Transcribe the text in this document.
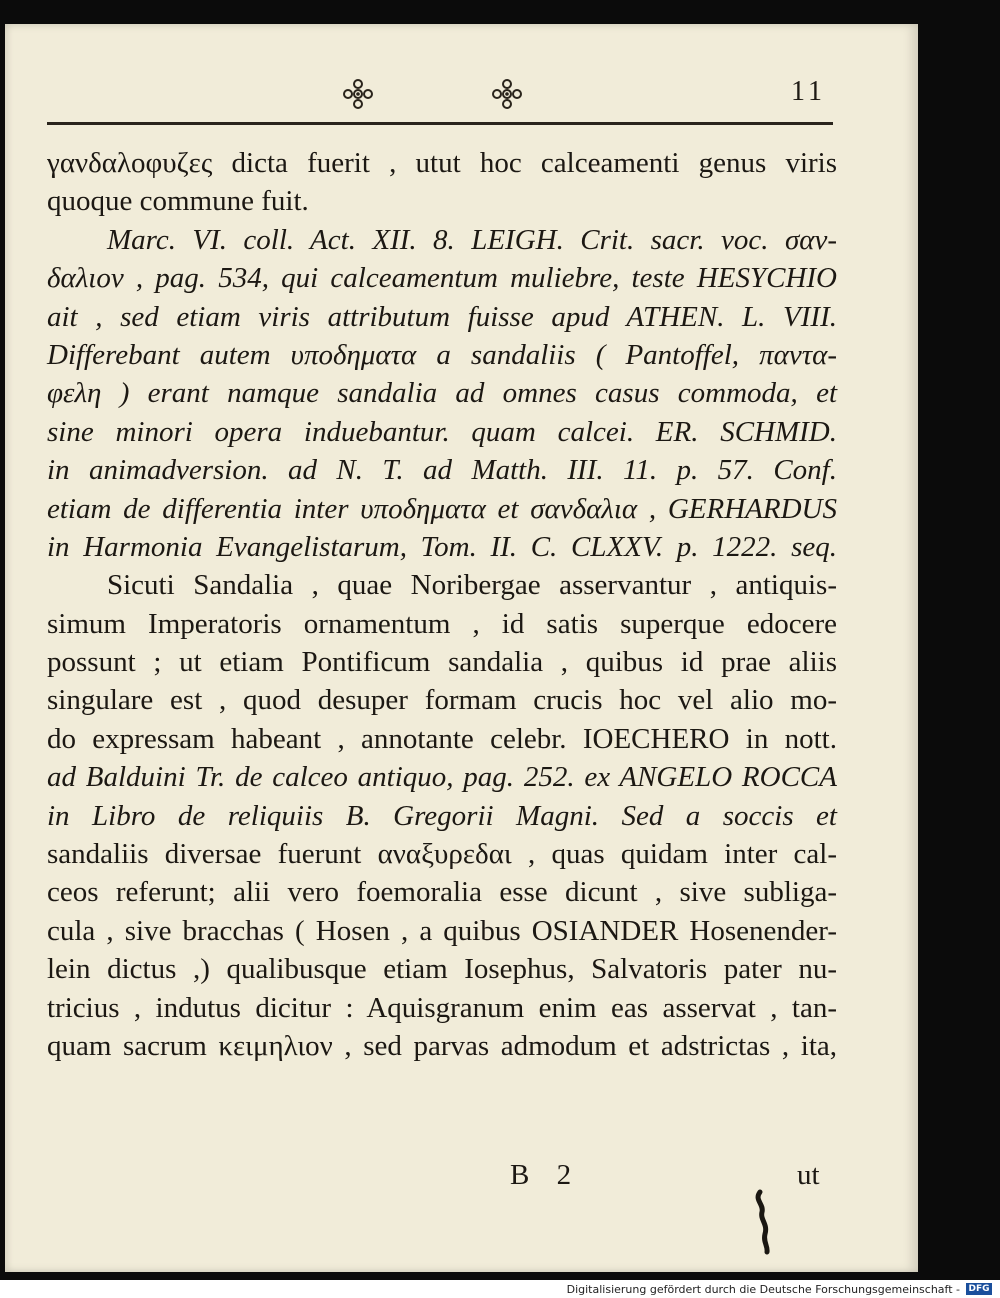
11
γανδαλοφυζες dicta fuerit , utut hoc calceamenti genus viris
quoque commune fuit.
Marc. VI. coll. Act. XII. 8. LEIGH. Crit. sacr. voc. σαν-
δαλιον , pag. 534, qui calceamentum muliebre, teste HESYCHIO
ait , sed etiam viris attributum fuisse apud ATHEN. L. VIII.
Differebant autem υποδηματα a sandaliis ( Pantoffel, παντα-
φελη ) erant namque sandalia ad omnes casus commoda, et
sine minori opera induebantur. quam calcei. ER. SCHMID.
in animadversion. ad N. T. ad Matth. III. 11. p. 57. Conf.
etiam de differentia inter υποδηματα et σανδαλια , GERHARDUS
in Harmonia Evangelistarum, Tom. II. C. CLXXV. p. 1222. seq.
Sicuti Sandalia , quae Noribergae asservantur , antiquis-
simum Imperatoris ornamentum , id satis superque edocere
possunt ; ut etiam Pontificum sandalia , quibus id prae aliis
singulare est , quod desuper formam crucis hoc vel alio mo-
do expressam habeant , annotante celebr. IOECHERO in nott.
ad Balduini Tr. de calceo antiquo, pag. 252. ex ANGELO ROCCA
in Libro de reliquiis B. Gregorii Magni. Sed a soccis et
sandaliis diversae fuerunt αναξυρεδαι , quas quidam inter cal-
ceos referunt; alii vero foemoralia esse dicunt , sive subliga-
cula , sive bracchas ( Hosen , a quibus OSIANDER Hosenender-
lein dictus ,) qualibusque etiam Iosephus, Salvatoris pater nu-
tricius , indutus dicitur : Aquisgranum enim eas asservat , tan-
quam sacrum κειμηλιον , sed parvas admodum et adstrictas , ita,
B 2	ut
Digitalisierung gefördert durch die Deutsche Forschungsgemeinschaft - DFG
